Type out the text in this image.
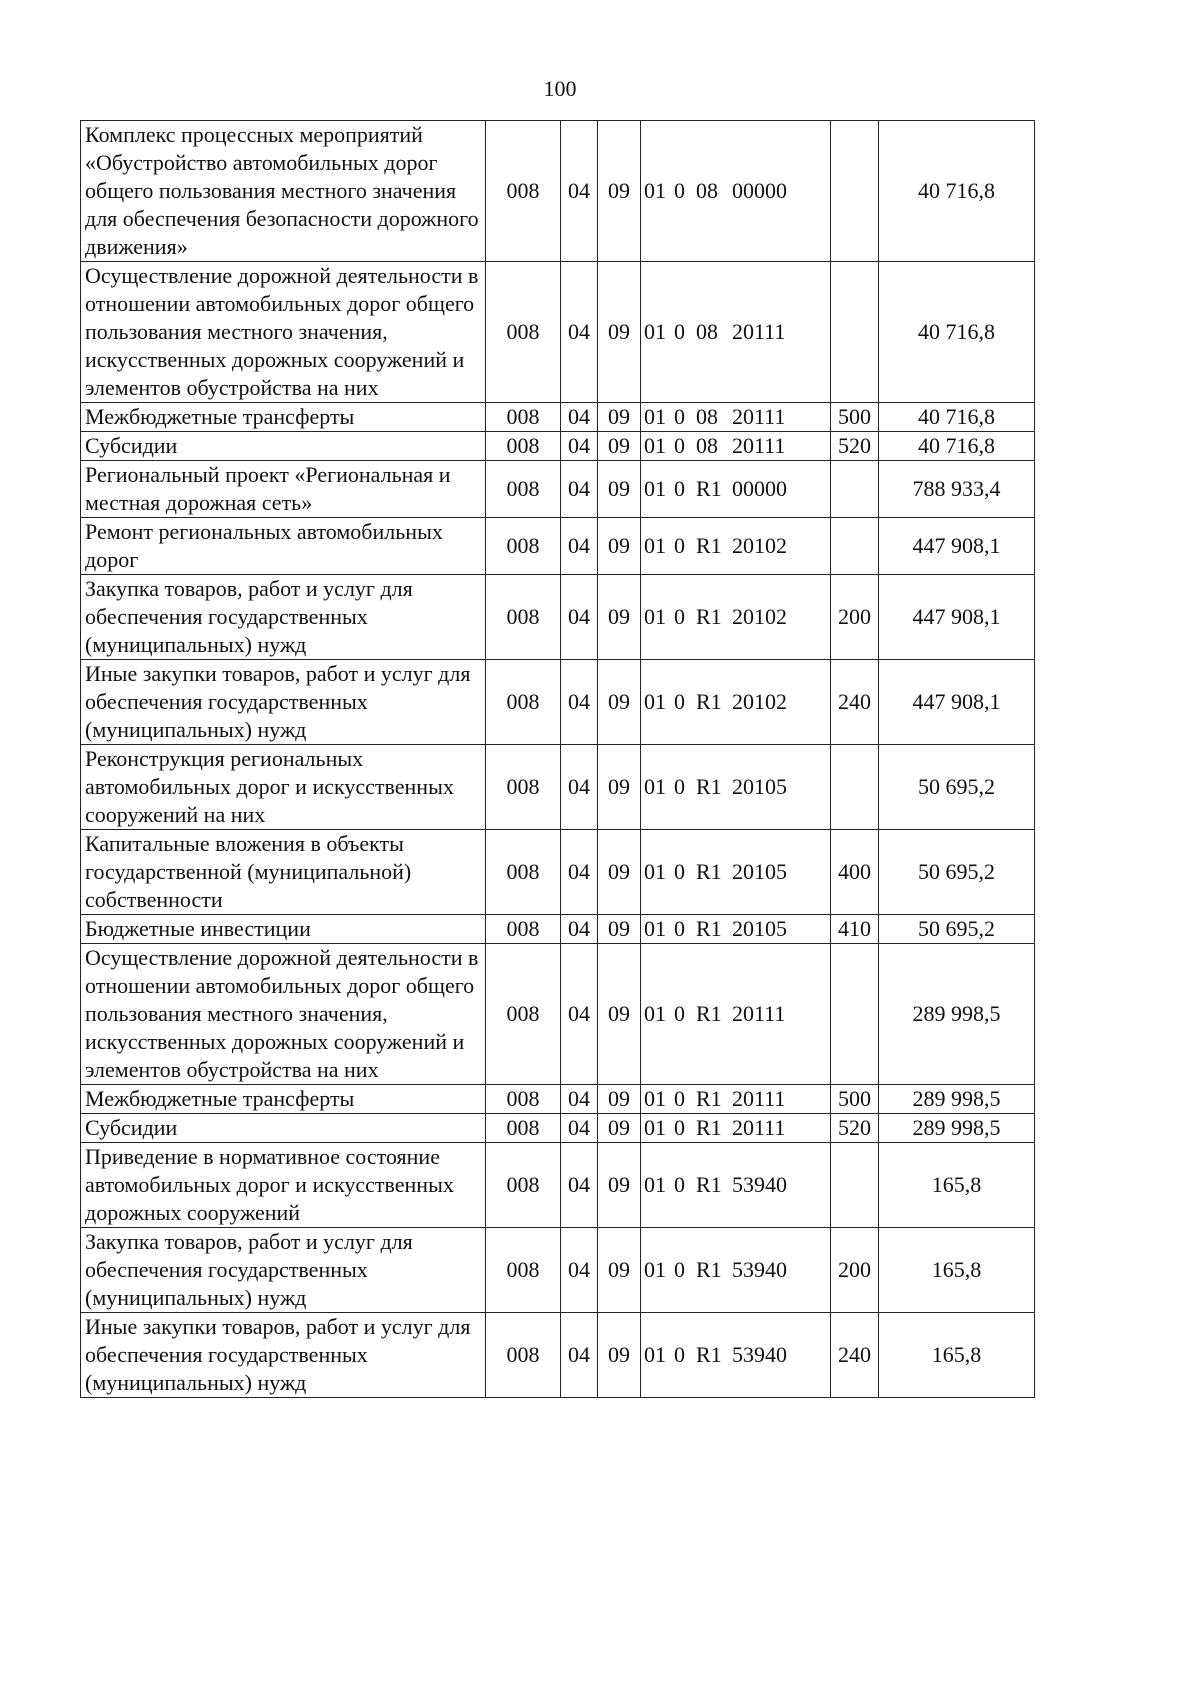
100
Комплекс процессных мероприятий «Обустройство автомобильных дорог общего пользования местного значения для обеспечения безопасности дорожного движения»	008	04	09	01 0 08 00000		40 716,8
Осуществление дорожной деятельности в отношении автомобильных дорог общего пользования местного значения, искусственных дорожных сооружений и элементов обустройства на них	008	04	09	01 0 08 20111		40 716,8
Межбюджетные трансферты	008	04	09	01 0 08 20111	500	40 716,8
Субсидии	008	04	09	01 0 08 20111	520	40 716,8
Региональный проект «Региональная и местная дорожная сеть»	008	04	09	01 0 R1 00000		788 933,4
Ремонт региональных автомобильных дорог	008	04	09	01 0 R1 20102		447 908,1
Закупка товаров, работ и услуг для обеспечения государственных (муниципальных) нужд	008	04	09	01 0 R1 20102	200	447 908,1
Иные закупки товаров, работ и услуг для обеспечения государственных (муниципальных) нужд	008	04	09	01 0 R1 20102	240	447 908,1
Реконструкция региональных автомобильных дорог и искусственных сооружений на них	008	04	09	01 0 R1 20105		50 695,2
Капитальные вложения в объекты государственной (муниципальной) собственности	008	04	09	01 0 R1 20105	400	50 695,2
Бюджетные инвестиции	008	04	09	01 0 R1 20105	410	50 695,2
Осуществление дорожной деятельности в отношении автомобильных дорог общего пользования местного значения, искусственных дорожных сооружений и элементов обустройства на них	008	04	09	01 0 R1 20111		289 998,5
Межбюджетные трансферты	008	04	09	01 0 R1 20111	500	289 998,5
Субсидии	008	04	09	01 0 R1 20111	520	289 998,5
Приведение в нормативное состояние автомобильных дорог и искусственных дорожных сооружений	008	04	09	01 0 R1 53940		165,8
Закупка товаров, работ и услуг для обеспечения государственных (муниципальных) нужд	008	04	09	01 0 R1 53940	200	165,8
Иные закупки товаров, работ и услуг для обеспечения государственных (муниципальных) нужд	008	04	09	01 0 R1 53940	240	165,8
